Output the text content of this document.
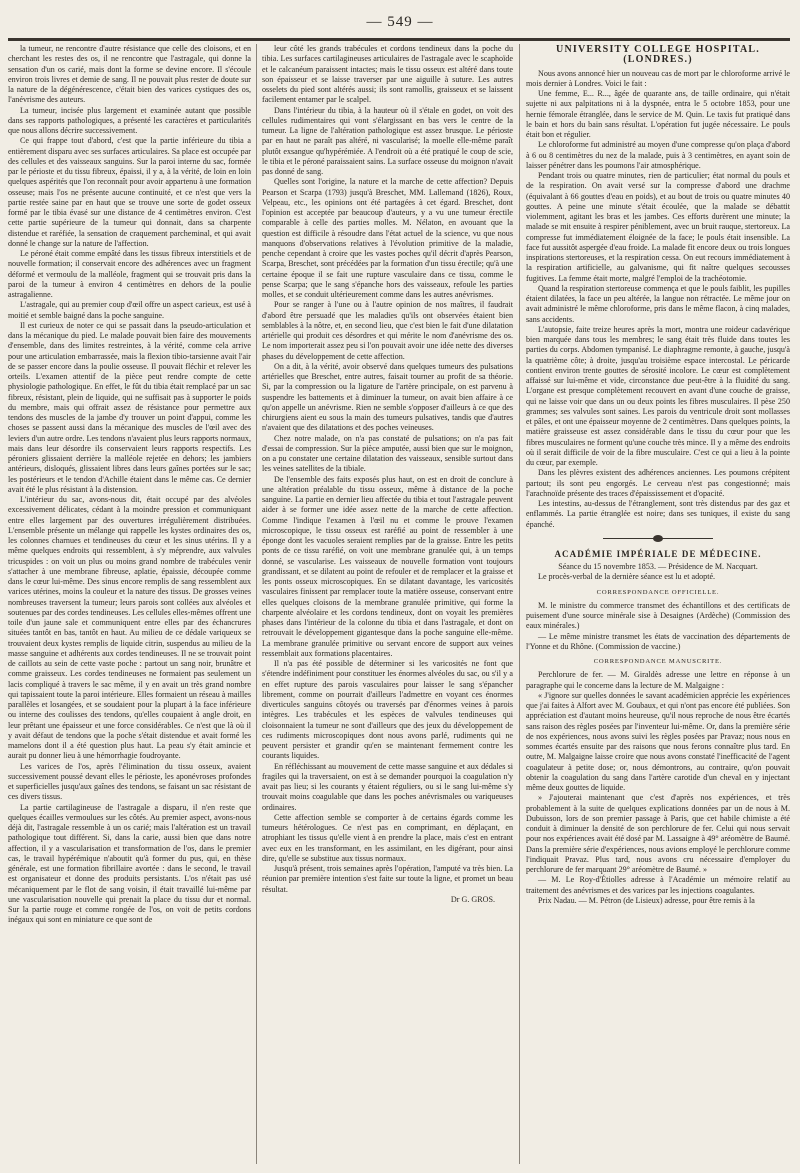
— 549 —

la tumeur, ne rencontre d'autre résistance que celle des cloisons, et en cherchant les restes des os, il ne rencontre que l'astragale, qui donne la sensation d'un os carié, mais dont la forme se devine encore. Il s'écoule environ trois livres et demie de sang. Il ne pouvait plus rester de doute sur la nature de la dégénérescence, c'était bien des varices cystiques des os, l'anévrisme des auteurs.

La tumeur, incisée plus largement et examinée autant que possible dans ses rapports pathologiques, a présenté les caractères et particularités que nous allons décrire successivement.

Ce qui frappe tout d'abord, c'est que la partie inférieure du tibia a entièrement disparu avec ses surfaces articulaires. Sa place est occupée par des cellules et des vaisseaux sanguins. Sur la paroi interne du sac, formée par le périoste et du tissu fibreux, épaissi, il y a, à la vérité, de loin en loin quelques aspérités que l'on reconnaît pour avoir appartenu à une formation osseuse; mais l'os ne présente aucune continuité, et ce n'est que vers la partie restée saine par en haut que se trouve une sorte de godet osseux formé par le tibia évasé sur une distance de 4 centimètres environ. C'est cette partie supérieure de la tumeur qui donnait, dans sa charpente distendue et raréfiée, la sensation de craquement parcheminal, et qui avait donné le change sur la nature de l'affection.

Le péroné était comme empâté dans les tissus fibreux interstitiels et de nouvelle formation; il conservait encore des adhérences avec un fragment déformé et vermoulu de la malléole, fragment qui se trouvait pris dans la paroi de la tumeur à environ 4 centimètres en dehors de la poulie astragalienne.

L'astragale, qui au premier coup d'œil offre un aspect carieux, est usé à moitié et semble baigné dans la poche sanguine.

Il est curieux de noter ce qui se passait dans la pseudo-articulation et dans la mécanique du pied. Le malade pouvait bien faire des mouvements d'ensemble, dans des limites restreintes, à la vérité, comme cela arrive pour une articulation embarrassée, mais la flexion tibio-tarsienne avait l'air de se passer encore dans la poulie osseuse. Il pouvait fléchir et relever les orteils. L'examen attentif de la pièce peut rendre compte de cette physiologie pathologique. En effet, le fût du tibia était remplacé par un sac fibreux, résistant, plein de liquide, qui ne suffisait pas à supporter le poids du membre, mais qui offrait assez de résistance pour permettre aux tendons des muscles de la jambe d'y trouver un point d'appui, comme les choses se passent aussi dans la mécanique des muscles de l'œil avec des leviers d'un autre ordre. Les tendons n'avaient plus leurs rapports normaux, mais dans leur désordre ils conservaient leurs rapports respectifs. Les péroniers glissaient derrière la malléole rejetée en dehors; les jambiers antérieurs, disloqués, glissaient libres dans leurs gaînes portées sur le sac; les postérieurs et le tendon d'Achille étaient dans le même cas. Ce dernier avait été le plus résistant à la distension.

L'intérieur du sac, avons-nous dit, était occupé par des alvéoles excessivement délicates, cédant à la moindre pression et communiquant entre elles largement par des ouvertures irrégulièrement distribuées. L'ensemble présente un mélange qui rappelle les kystes ordinaires des os, les colonnes charnues et tendineuses du cœur et les sinus utérins. Il y a même quelques endroits qui ressemblent, à s'y méprendre, aux valvules tricuspides : on voit un plus ou moins grand nombre de trabécules venir s'attacher à une membrane fibreuse, aplatie, épaissie, découpée comme dans le cœur lui-même. Des sinus encore remplis de sang ressemblent aux varices utérines, moins la couleur et la nature des tissus. De grosses veines nombreuses traversent la tumeur; leurs parois sont collées aux alvéoles et soutenues par des cordes tendineuses. Les cellules elles-mêmes offrent une toile d'un jaune sale et communiquent entre elles par des échancrures situées tantôt en bas, tantôt en haut. Au milieu de ce dédale variqueux se trouvaient deux kystes remplis de liquide citrin, suspendus au milieu de la masse sanguine et adhérents aux cordes tendineuses. Il ne se trouvait point de caillots au sein de cette vaste poche : partout un sang noir, brunâtre et comme graisseux. Les cordes tendineuses ne formaient pas seulement un lacis compliqué à travers le sac même, il y en avait un très grand nombre qui tapissaient toute la paroi intérieure. Elles formaient un réseau à mailles parallèles et losangées, et se soudaient pour la plupart à la face inférieure ou interne des coulisses des tendons, qu'elles coupaient à angle droit, en leur prêtant une épaisseur et une force considérables. Ce n'est que là où il y avait défaut de tendons que la poche s'était distendue et avait formé les mamelons dont il a été question plus haut. La peau s'y était amincie et aurait pu donner lieu à une hémorrhagie foudroyante.

Les varices de l'os, après l'élimination du tissu osseux, avaient successivement poussé devant elles le périoste, les aponévroses profondes et superficielles jusqu'aux gaînes des tendons, se faisant un sac résistant de ces divers tissus.

La partie cartilagineuse de l'astragale a disparu, il n'en reste que quelques écailles vermoulues sur les côtés. Au premier aspect, avons-nous déjà dit, l'astragale ressemble à un os carié; mais l'altération est un travail pathologique tout différent. Si, dans la carie, aussi bien que dans notre affection, il y a vascularisation et transformation de l'os, dans le premier cas, le travail hypérémique n'aboutit qu'à former du pus, qui, en thèse générale, est une formation fibrillaire avortée : dans le second, le travail est organisateur et donne des produits persistants. L'os n'était pas usé mécaniquement par le flot de sang voisin, il était travaillé lui-même par une vascularisation nouvelle qui prenait la place du tissu dur et normal. Sur la partie rouge et comme rongée de l'os, on voit de petits cordons inégaux qui sont en miniature ce que sont de

leur côté les grands trabécules et cordons tendineux dans la poche du tibia. Les surfaces cartilagineuses articulaires de l'astragale avec le scaphoïde et le calcanéum paraissent intactes; mais le tissu osseux est altéré dans toute son épaisseur et se laisse traverser par une aiguille à suture. Les autres osselets du pied sont altérés aussi; ils sont ramollis, graisseux et se laissent facilement entamer par le scalpel.

Dans l'intérieur du tibia, à la hauteur où il s'étale en godet, on voit des cellules rudimentaires qui vont s'élargissant en bas vers le centre de la tumeur. La ligne de l'altération pathologique est assez brusque. Le périoste par en haut ne paraît pas altéré, ni vascularisé; la moelle elle-même paraît plutôt exsangue qu'hypérémiée. A l'endroit où a été pratiqué le coup de scie, le tibia et le péroné paraissaient sains. La surface osseuse du moignon n'avait pas donné de sang.

Quelles sont l'origine, la nature et la marche de cette affection? Depuis Pearson et Scarpa (1793) jusqu'à Breschet, MM. Lallemand (1826), Roux, Velpeau, etc., les opinions ont été partagées à cet égard. Breschet, dont l'opinion est acceptée par beaucoup d'auteurs, y a vu une tumeur érectile comparable à celle des parties molles. M. Nélaton, en avouant que la question est difficile à résoudre dans l'état actuel de la science, vu que nous manquons d'observations relatives à l'évolution primitive de la maladie, penche cependant à croire que les vastes poches qu'il décrit d'après Pearson, Scarpa, Breschet, sont précédées par la formation d'un tissu érectile; qu'à une certaine époque il se fait une rupture vasculaire dans ce tissu, comme le pense Scarpa; que le sang s'épanche hors des vaisseaux, refoule les parties molles, et se conduit ultérieurement comme dans les autres anévrismes.

Pour se ranger à l'une ou à l'autre opinion de nos maîtres, il faudrait d'abord être persuadé que les maladies qu'ils ont observées étaient bien semblables à la nôtre, et, en second lieu, que c'est bien le fait d'une dilatation artérielle qui produit ces désordres et qui mérite le nom d'anévrisme des os. Le nom importerait assez peu si l'on pouvait avoir une idée nette des diverses phases du développement de cette affection.

On a dit, à la vérité, avoir observé dans quelques tumeurs des pulsations artérielles que Breschet, entre autres, faisait tourner au profit de sa théorie. Si, par la compression ou la ligature de l'artère principale, on est parvenu à suspendre les battements et à diminuer la tumeur, on avait bien affaire à ce qu'on appelle un anévrisme. Rien ne semble s'opposer d'ailleurs à ce que des chirurgiens aient eu sous la main des tumeurs pulsatives, tandis que d'autres n'avaient que des dilatations et des poches veineuses.

Chez notre malade, on n'a pas constaté de pulsations; on n'a pas fait d'essai de compression. Sur la pièce amputée, aussi bien que sur le moignon, on a pu constater une certaine dilatation des vaisseaux, sensible surtout dans les veines satellites de la tibiale.

De l'ensemble des faits exposés plus haut, on est en droit de conclure à une altération préalable du tissu osseux, même à distance de la poche sanguine. La partie en dernier lieu affectée du tibia et tout l'astragale peuvent aider à se former une idée assez nette de la marche de cette affection. Comme l'indique l'examen à l'œil nu et comme le prouve l'examen microscopique, le tissu osseux est raréfié au point de ressembler à une éponge dont les vacuoles seraient remplies par de la graisse. Entre les petits ponts de ce tissu raréfié, on voit une membrane granulée qui, à un temps donné, se vascularise. Les vaisseaux de nouvelle formation vont toujours grandissant, et se dilatent au point de refouler et de remplacer et la graisse et les ponts osseux microscopiques. En se dilatant davantage, les varicosités vasculaires finissent par remplacer toute la matière osseuse, conservant entre elles quelques cloisons de la membrane granulée primitive, qui forme la charpente alvéolaire et les cordons tendineux, dont on voyait les premières phases dans l'intérieur de la colonne du tibia et dans l'astragale, et dont on retrouvait le développement gigantesque dans la poche sanguine elle-même. La membrane granulée primitive ou servant encore de support aux veines ressemblait aux formations placentaires.

Il n'a pas été possible de déterminer si les varicosités ne font que s'étendre indéfiniment pour constituer les énormes alvéoles du sac, ou s'il y a en effet rupture des parois vasculaires pour laisser le sang s'épancher librement, comme on pourrait d'ailleurs l'admettre en voyant ces énormes diverticules sanguins côtoyés ou traversés par d'énormes veines à parois intègres. Les trabécules et les espèces de valvules tendineuses qui cloisonnaient la tumeur ne sont d'ailleurs que des jeux du développement de ces rudiments microscopiques dont nous avons parlé, rudiments qui ne peuvent persister et grandir qu'en se maintenant fermement contre les courants liquides.

En réfléchissant au mouvement de cette masse sanguine et aux dédales si fragiles qui la traversaient, on est à se demander pourquoi la coagulation n'y avait pas lieu; si les courants y étaient réguliers, ou si le sang lui-même s'y trouvait moins coagulable que dans les poches anévrismales ou variqueuses ordinaires.

Cette affection semble se comporter à de certains égards comme les tumeurs hétérologues. Ce n'est pas en comprimant, en déplaçant, en atrophiant les tissus qu'elle vient à en prendre la place, mais c'est en entrant avec eux en les transformant, en les assimilant, en les digérant, pour ainsi dire, qu'elle se substitue aux tissus normaux.

Jusqu'à présent, trois semaines après l'opération, l'amputé va très bien. La réunion par première intention s'est faite sur toute la ligne, et promet un beau résultat.

Dr G. GROS.

UNIVERSITY COLLEGE HOSPITAL. (LONDRES.)

Nous avons annoncé hier un nouveau cas de mort par le chloroforme arrivé le mois dernier à Londres. Voici le fait :

Une femme, E... R..., âgée de quarante ans, de taille ordinaire, qui n'était sujette ni aux palpitations ni à la dyspnée, entra le 5 octobre 1853, pour une hernie fémorale étranglée, dans le service de M. Quin. Le taxis fut pratiqué dans le bain et hors du bain sans résultat. L'opération fut jugée nécessaire. Le pouls était bon et régulier.

Le chloroforme fut administré au moyen d'une compresse qu'on plaça d'abord à 6 ou 8 centimètres du nez de la malade, puis à 3 centimètres, en ayant soin de laisser pénétrer dans les poumons l'air atmosphérique.

Pendant trois ou quatre minutes, rien de particulier; état normal du pouls et de la respiration. On avait versé sur la compresse d'abord une drachme (équivalant à 66 gouttes d'eau en poids), et au bout de trois ou quatre minutes 40 gouttes. A peine une minute s'était écoulée, que la malade se débattit violemment, agitant les bras et les jambes. Ces efforts durèrent une minute; la malade se mit ensuite à respirer péniblement, avec un bruit rauque, stertoreux. La compresse fut immédiatement éloignée de la face; le pouls était insensible. La face fut aussitôt aspergée d'eau froide. La malade fit encore deux ou trois longues inspirations stertoreuses, et la respiration cessa. On eut recours immédiatement à la respiration artificielle, au galvanisme, qui fit naître quelques secousses fugitives. La femme était morte, malgré l'emploi de la trachéotomie.

Quand la respiration stertoreuse commença et que le pouls faiblit, les pupilles étaient dilatées, la face un peu altérée, la langue non rétractée. Le même jour on avait administré le même chloroforme, pris dans le même flacon, à cinq malades, sans accidents.

L'autopsie, faite treize heures après la mort, montra une roideur cadavérique bien marquée dans tous les membres; le sang était très fluide dans toutes les parties du corps. Abdomen tympanisé. Le diaphragme remonte, à gauche, jusqu'à la quatrième côte; à droite, jusqu'au troisième espace intercostal. Le péricarde contient environ trente gouttes de sérosité incolore. Le cœur est complètement affaissé sur lui-même et vide, circonstance due peut-être à la fluidité du sang. L'organe est presque complètement recouvert en avant d'une couche de graisse, qui ne laisse voir que dans un ou deux points les fibres musculaires. Il pèse 250 grammes; ses valvules sont saines. Les parois du ventricule droit sont mollasses et pâles, et ont une épaisseur moyenne de 2 centimètres. Dans quelques points, la matière graisseuse est assez considérable dans le tissu du cœur pour que les fibres musculaires ne forment qu'une couche très mince. Il y a même des endroits où il serait difficile de voir de la fibre musculaire. C'est ce qui a lieu à la pointe du cœur, par exemple.

Dans les plèvres existent des adhérences anciennes. Les poumons crépitent partout; ils sont peu engorgés. Le cerveau n'est pas congestionné; mais l'arachnoïde présente des traces d'épaississement et d'opacité.

Les intestins, au-dessus de l'étranglement, sont très distendus par des gaz et enflammés. La partie étranglée est noire; dans ses tuniques, il existe du sang épanché.

ACADÉMIE IMPÉRIALE DE MÉDECINE.

Séance du 15 novembre 1853. — Présidence de M. Nacquart.

Le procès-verbal de la dernière séance est lu et adopté.

CORRESPONDANCE OFFICIELLE.

M. le ministre du commerce transmet des échantillons et des certificats de puisement d'une source minérale sise à Desaignes (Ardèche) (Commission des eaux minérales.)

— Le même ministre transmet les états de vaccination des départements de l'Yonne et du Rhône. (Commission de vaccine.)

CORRESPONDANCE MANUSCRITE.

Perchlorure de fer. — M. Giraldès adresse une lettre en réponse à un paragraphe qui le concerne dans la lecture de M. Malgaigne :

« J'ignore sur quelles données le savant académicien apprécie les expériences que j'ai faites à Alfort avec M. Goubaux, et qui n'ont pas encore été publiées. Son appréciation est d'autant moins heureuse, qu'il nous reproche de nous être écartés sans raison des règles posées par l'inventeur lui-même. Or, dans la première série de nos expériences, nous avons suivi les règles posées par Pravaz; nous nous en sommes écartés ensuite par des raisons que nous ferons connaître plus tard. En outre, M. Malgaigne laisse croire que nous avons constaté l'inefficacité de l'agent coagulateur à petite dose; or, nous démontrons, au contraire, qu'on pouvait obtenir la coagulation du sang dans l'artère carotide d'un cheval en y injectant même deux gouttes de liquide.

» J'ajouterai maintenant que c'est d'après nos expériences, et très probablement à la suite de quelques explications données par un de nous à M. Dubuisson, lors de son premier passage à Paris, que cet habile chimiste a été conduit à diminuer la densité de son perchlorure de fer. Celui qui nous servait pour nos expériences avait été dosé par M. Lassaigne à 49° aréomètre de Baumé. Dans la première série d'expériences, nous avions employé le perchlorure comme l'indiquait Pravaz. Plus tard, nous avons cru nécessaire d'employer du perchlorure de fer marquant 29° aréomètre de Baumé. »

— M. Le Roy-d'Étiolles adresse à l'Académie un mémoire relatif au traitement des anévrismes et des varices par les injections coagulantes.

Prix Nadau. — M. Pétron (de Lisieux) adresse, pour être remis à la
